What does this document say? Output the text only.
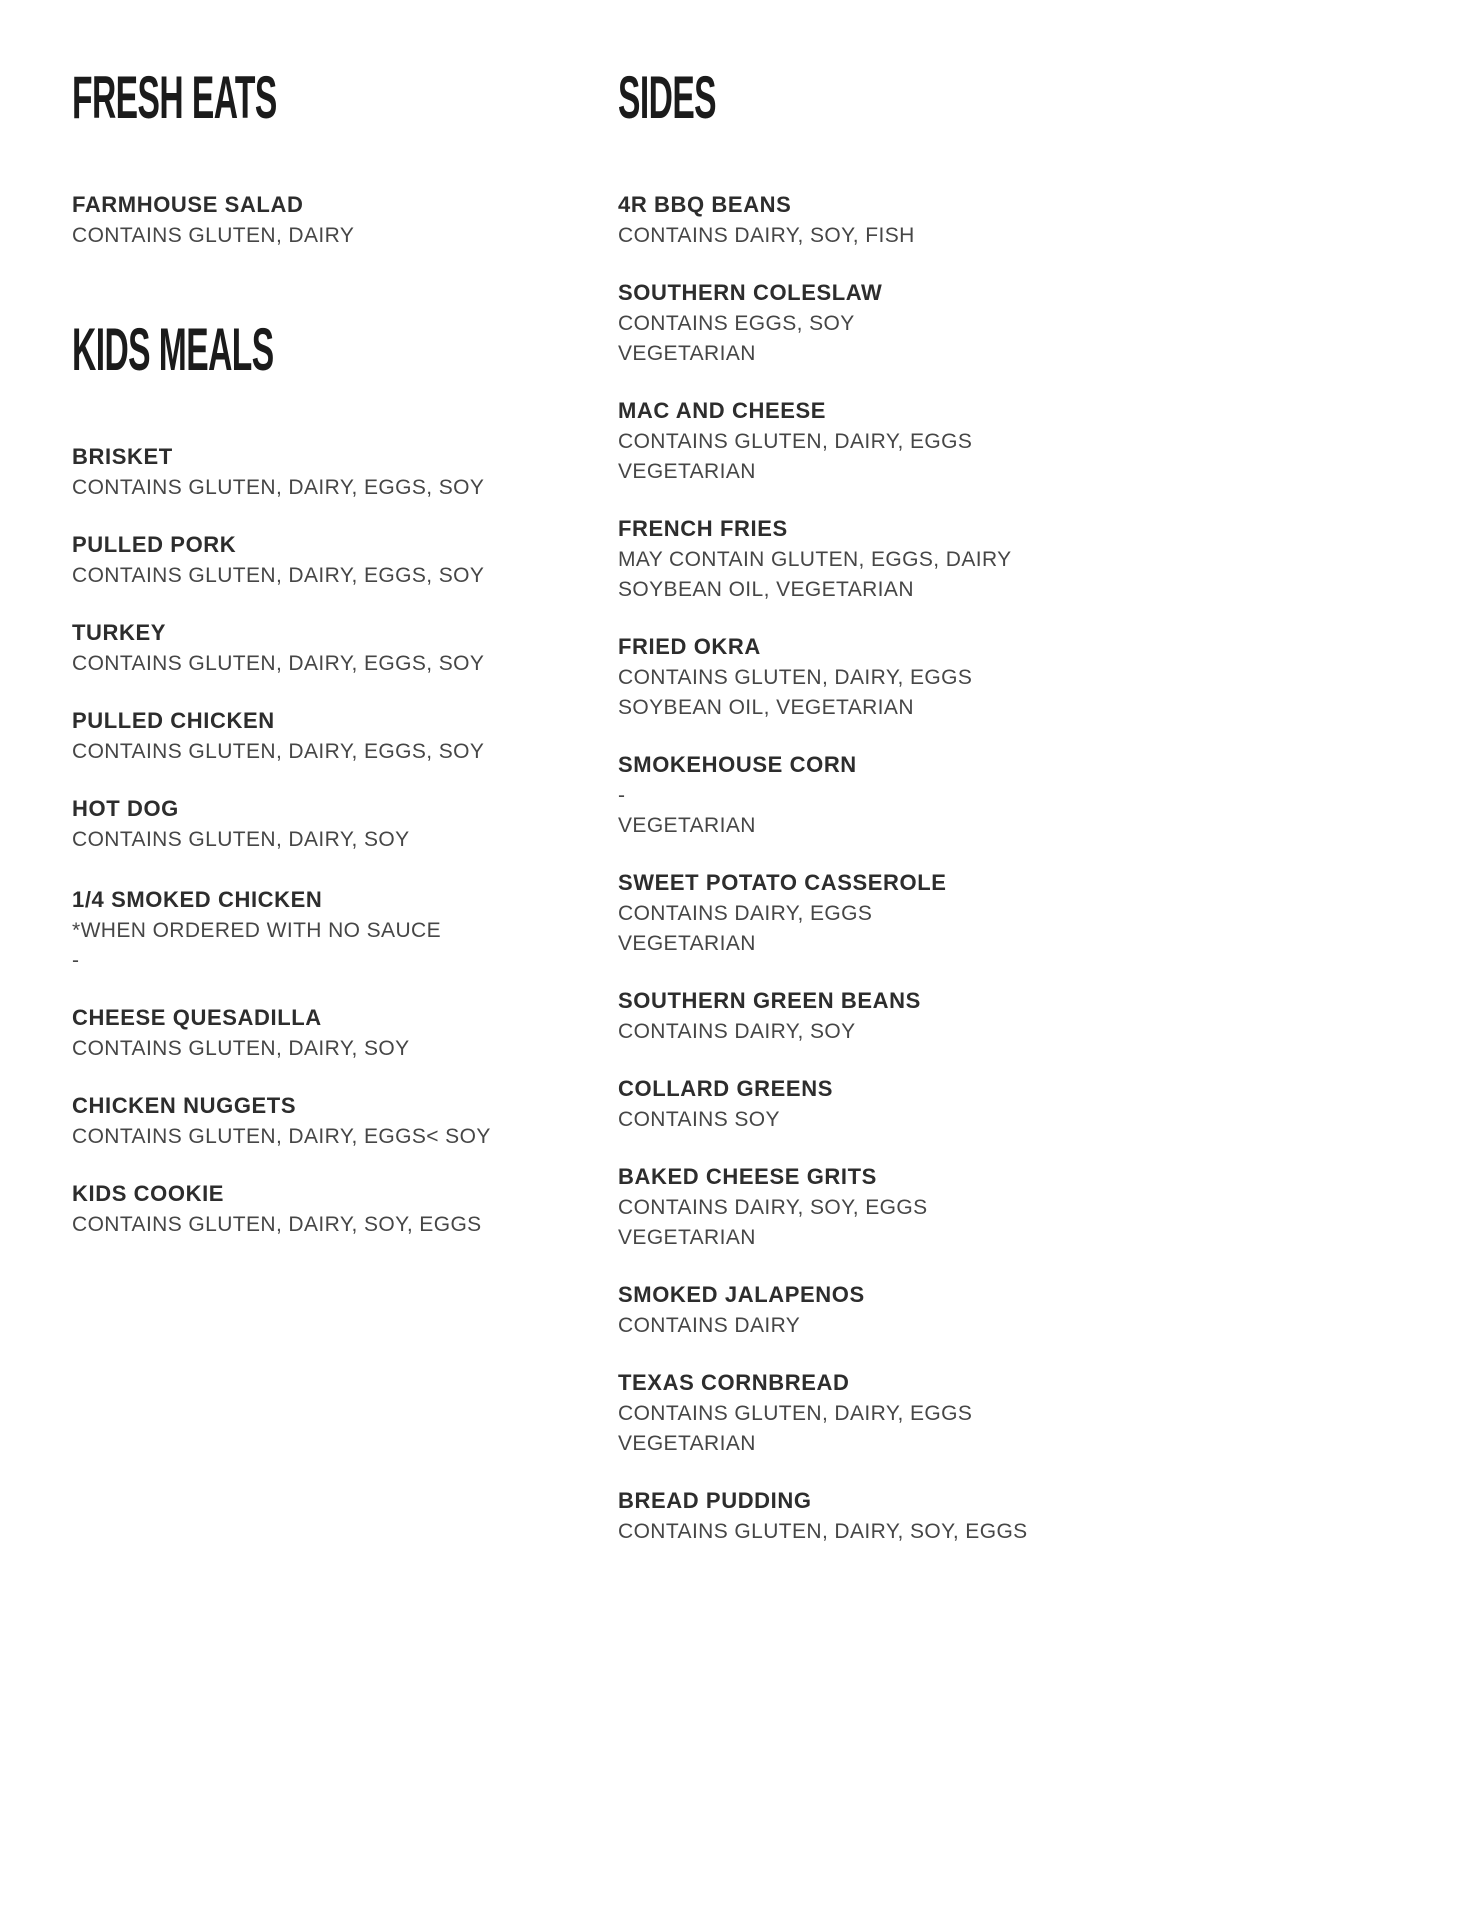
FRESH EATS
FARMHOUSE SALAD
CONTAINS GLUTEN, DAIRY
KIDS MEALS
BRISKET
CONTAINS GLUTEN, DAIRY, EGGS, SOY
PULLED PORK
CONTAINS GLUTEN, DAIRY, EGGS, SOY
TURKEY
CONTAINS GLUTEN, DAIRY, EGGS, SOY
PULLED CHICKEN
CONTAINS GLUTEN, DAIRY, EGGS, SOY
HOT DOG
CONTAINS GLUTEN, DAIRY, SOY
1/4 SMOKED CHICKEN
*WHEN ORDERED WITH NO SAUCE
-
CHEESE QUESADILLA
CONTAINS GLUTEN, DAIRY, SOY
CHICKEN NUGGETS
CONTAINS GLUTEN, DAIRY, EGGS< SOY
KIDS COOKIE
CONTAINS GLUTEN, DAIRY, SOY, EGGS
SIDES
4R BBQ BEANS
CONTAINS DAIRY, SOY, FISH
SOUTHERN COLESLAW
CONTAINS EGGS, SOY
VEGETARIAN
MAC AND CHEESE
CONTAINS GLUTEN, DAIRY, EGGS
VEGETARIAN
FRENCH FRIES
MAY CONTAIN GLUTEN, EGGS, DAIRY
SOYBEAN OIL, VEGETARIAN
FRIED OKRA
CONTAINS GLUTEN, DAIRY, EGGS
SOYBEAN OIL, VEGETARIAN
SMOKEHOUSE CORN
-
VEGETARIAN
SWEET POTATO CASSEROLE
CONTAINS DAIRY, EGGS
VEGETARIAN
SOUTHERN GREEN BEANS
CONTAINS DAIRY, SOY
COLLARD GREENS
CONTAINS SOY
BAKED CHEESE GRITS
CONTAINS DAIRY, SOY, EGGS
VEGETARIAN
SMOKED JALAPENOS
CONTAINS DAIRY
TEXAS CORNBREAD
CONTAINS GLUTEN, DAIRY, EGGS
VEGETARIAN
BREAD PUDDING
CONTAINS GLUTEN, DAIRY, SOY, EGGS
